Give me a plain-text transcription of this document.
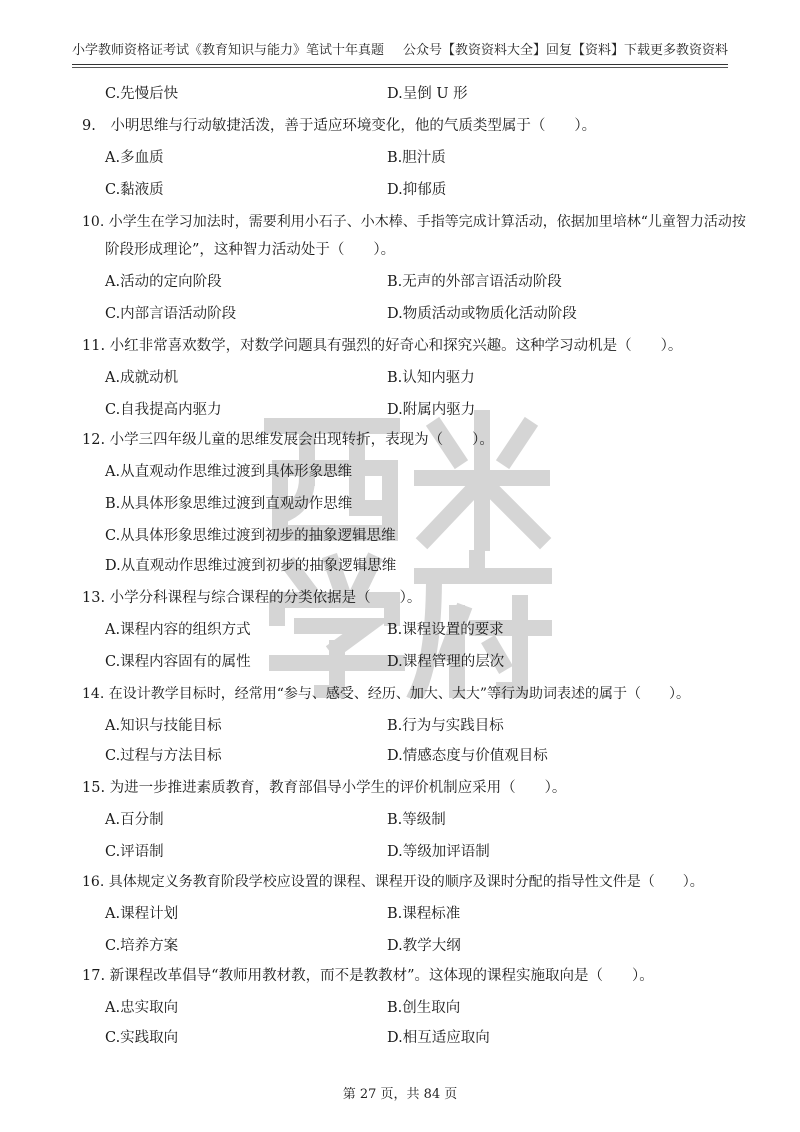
小学教师资格证考试《教育知识与能力》笔试十年真题 公众号【教资资料大全】回复【资料】下载更多教资资料
C.先慢后快	D.呈倒 U 形
9.　小明思维与行动敏捷活泼，善于适应环境变化，他的气质类型属于（　　）。
A.多血质	B.胆汁质
C.黏液质	D.抑郁质
10. 小学生在学习加法时，需要利用小石子、小木棒、手指等完成计算活动，依据加里培林“儿童智力活动按
阶段形成理论”，这种智力活动处于（　　）。
A.活动的定向阶段	B.无声的外部言语活动阶段
C.内部言语活动阶段	D.物质活动或物质化活动阶段
11. 小红非常喜欢数学，对数学问题具有强烈的好奇心和探究兴趣。这种学习动机是（　　）。
A.成就动机	B.认知内驱力
C.自我提高内驱力	D.附属内驱力
12. 小学三四年级儿童的思维发展会出现转折，表现为（　　）。
A.从直观动作思维过渡到具体形象思维
B.从具体形象思维过渡到直观动作思维
C.从具体形象思维过渡到初步的抽象逻辑思维
D.从直观动作思维过渡到初步的抽象逻辑思维
13. 小学分科课程与综合课程的分类依据是（　　）。
A.课程内容的组织方式	B.课程设置的要求
C.课程内容固有的属性	D.课程管理的层次
14. 在设计教学目标时，经常用“参与、感受、经历、加大、大大”等行为助词表述的属于（　　）。
A.知识与技能目标	B.行为与实践目标
C.过程与方法目标	D.情感态度与价值观目标
15. 为进一步推进素质教育，教育部倡导小学生的评价机制应采用（　　）。
A.百分制	B.等级制
C.评语制	D.等级加评语制
16. 具体规定义务教育阶段学校应设置的课程、课程开设的顺序及课时分配的指导性文件是（　　）。
A.课程计划	B.课程标准
C.培养方案	D.教学大纲
17. 新课程改革倡导“教师用教材教，而不是教教材”。这体现的课程实施取向是（　　）。
A.忠实取向	B.创生取向
C.实践取向	D.相互适应取向
第 27 页，共 84 页
